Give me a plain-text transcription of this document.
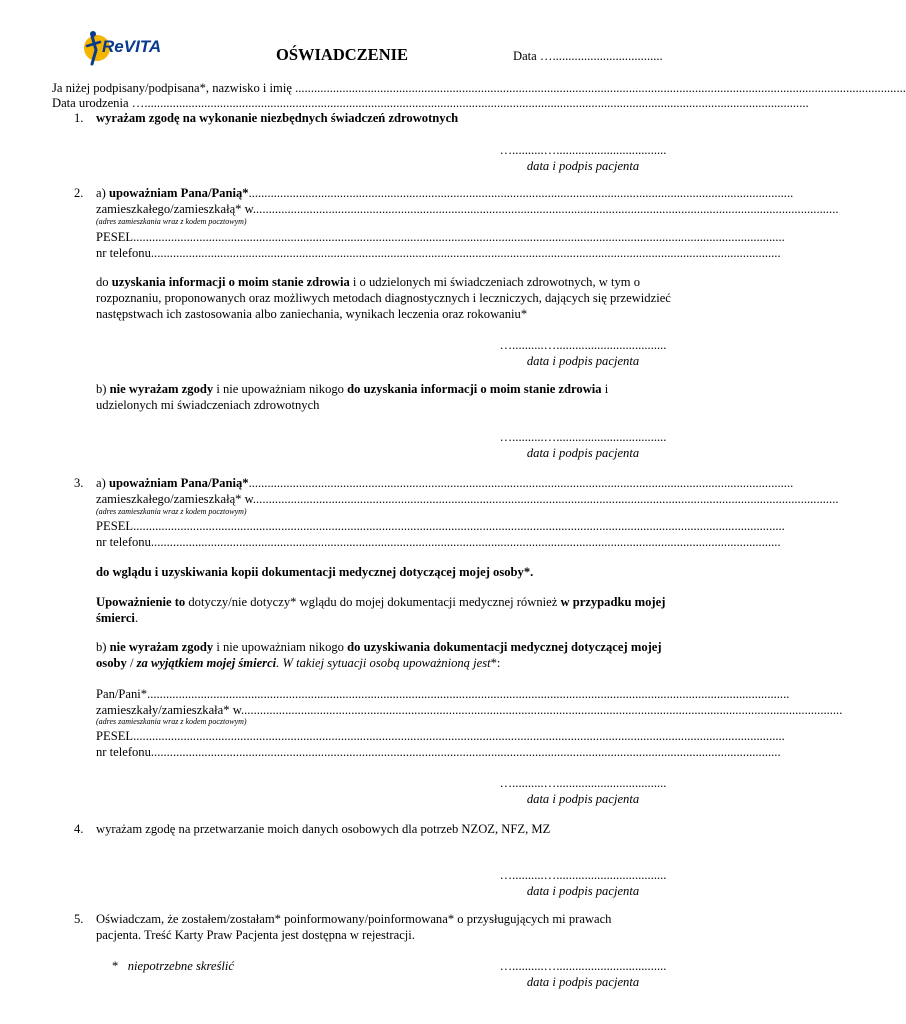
ReVITA	OŚWIADCZENIE	Data …...................................
Ja niżej podpisany/podpisana*, nazwisko i imię ..................................................................................................................................................................................................
Data urodzenia …...................................................................................................................................................................................................................
1. wyrażam zgodę na wykonanie niezbędnych świadczeń zdrowotnych
…..........…...................................
data i podpis pacjenta
2. a) upoważniam Pana/Panią*.............................................................................................................................................................................
zamieszkałego/zamieszkałą* w..........................................................................................................................................................................................
(adres zamieszkania wraz z kodem pocztowym)
PESEL...............................................................................................................................................................................................................
nr telefonu........................................................................................................................................................................................................
do uzyskania informacji o moim stanie zdrowia i o udzielonych mi świadczeniach zdrowotnych, w tym o rozpoznaniu, proponowanych oraz możliwych metodach diagnostycznych i leczniczych, dających się przewidzieć następstwach ich zastosowania albo zaniechania, wynikach leczenia oraz rokowaniu*
…..........…...................................
data i podpis pacjenta
b) nie wyrażam zgody i nie upoważniam nikogo do uzyskania informacji o moim stanie zdrowia i udzielonych mi świadczeniach zdrowotnych
…..........…...................................
data i podpis pacjenta
3. a) upoważniam Pana/Panią*.............................................................................................................................................................................
zamieszkałego/zamieszkałą* w..........................................................................................................................................................................................
(adres zamieszkania wraz z kodem pocztowym)
PESEL...............................................................................................................................................................................................................
nr telefonu........................................................................................................................................................................................................
do wglądu i uzyskiwania kopii dokumentacji medycznej dotyczącej mojej osoby*.
Upoważnienie to dotyczy/nie dotyczy* wglądu do mojej dokumentacji medycznej również w przypadku mojej śmierci.
b) nie wyrażam zgody i nie upoważniam nikogo do uzyskiwania dokumentacji medycznej dotyczącej mojej osoby / za wyjątkiem mojej śmierci. W takiej sytuacji osobą upoważnioną jest*:
Pan/Pani*............................................................................................................................................................................................................
zamieszkały/zamieszkała* w...............................................................................................................................................................................................
(adres zamieszkania wraz z kodem pocztowym)
PESEL...............................................................................................................................................................................................................
nr telefonu........................................................................................................................................................................................................
…..........…...................................
data i podpis pacjenta
4. wyrażam zgodę na przetwarzanie moich danych osobowych dla potrzeb NZOZ, NFZ, MZ
…..........…...................................
data i podpis pacjenta
5. Oświadczam, że zostałem/zostałam* poinformowany/poinformowana* o przysługujących mi prawach pacjenta. Treść Karty Praw Pacjenta jest dostępna w rejestracji.
* niepotrzebne skreślić	…..........…...................................
data i podpis pacjenta
